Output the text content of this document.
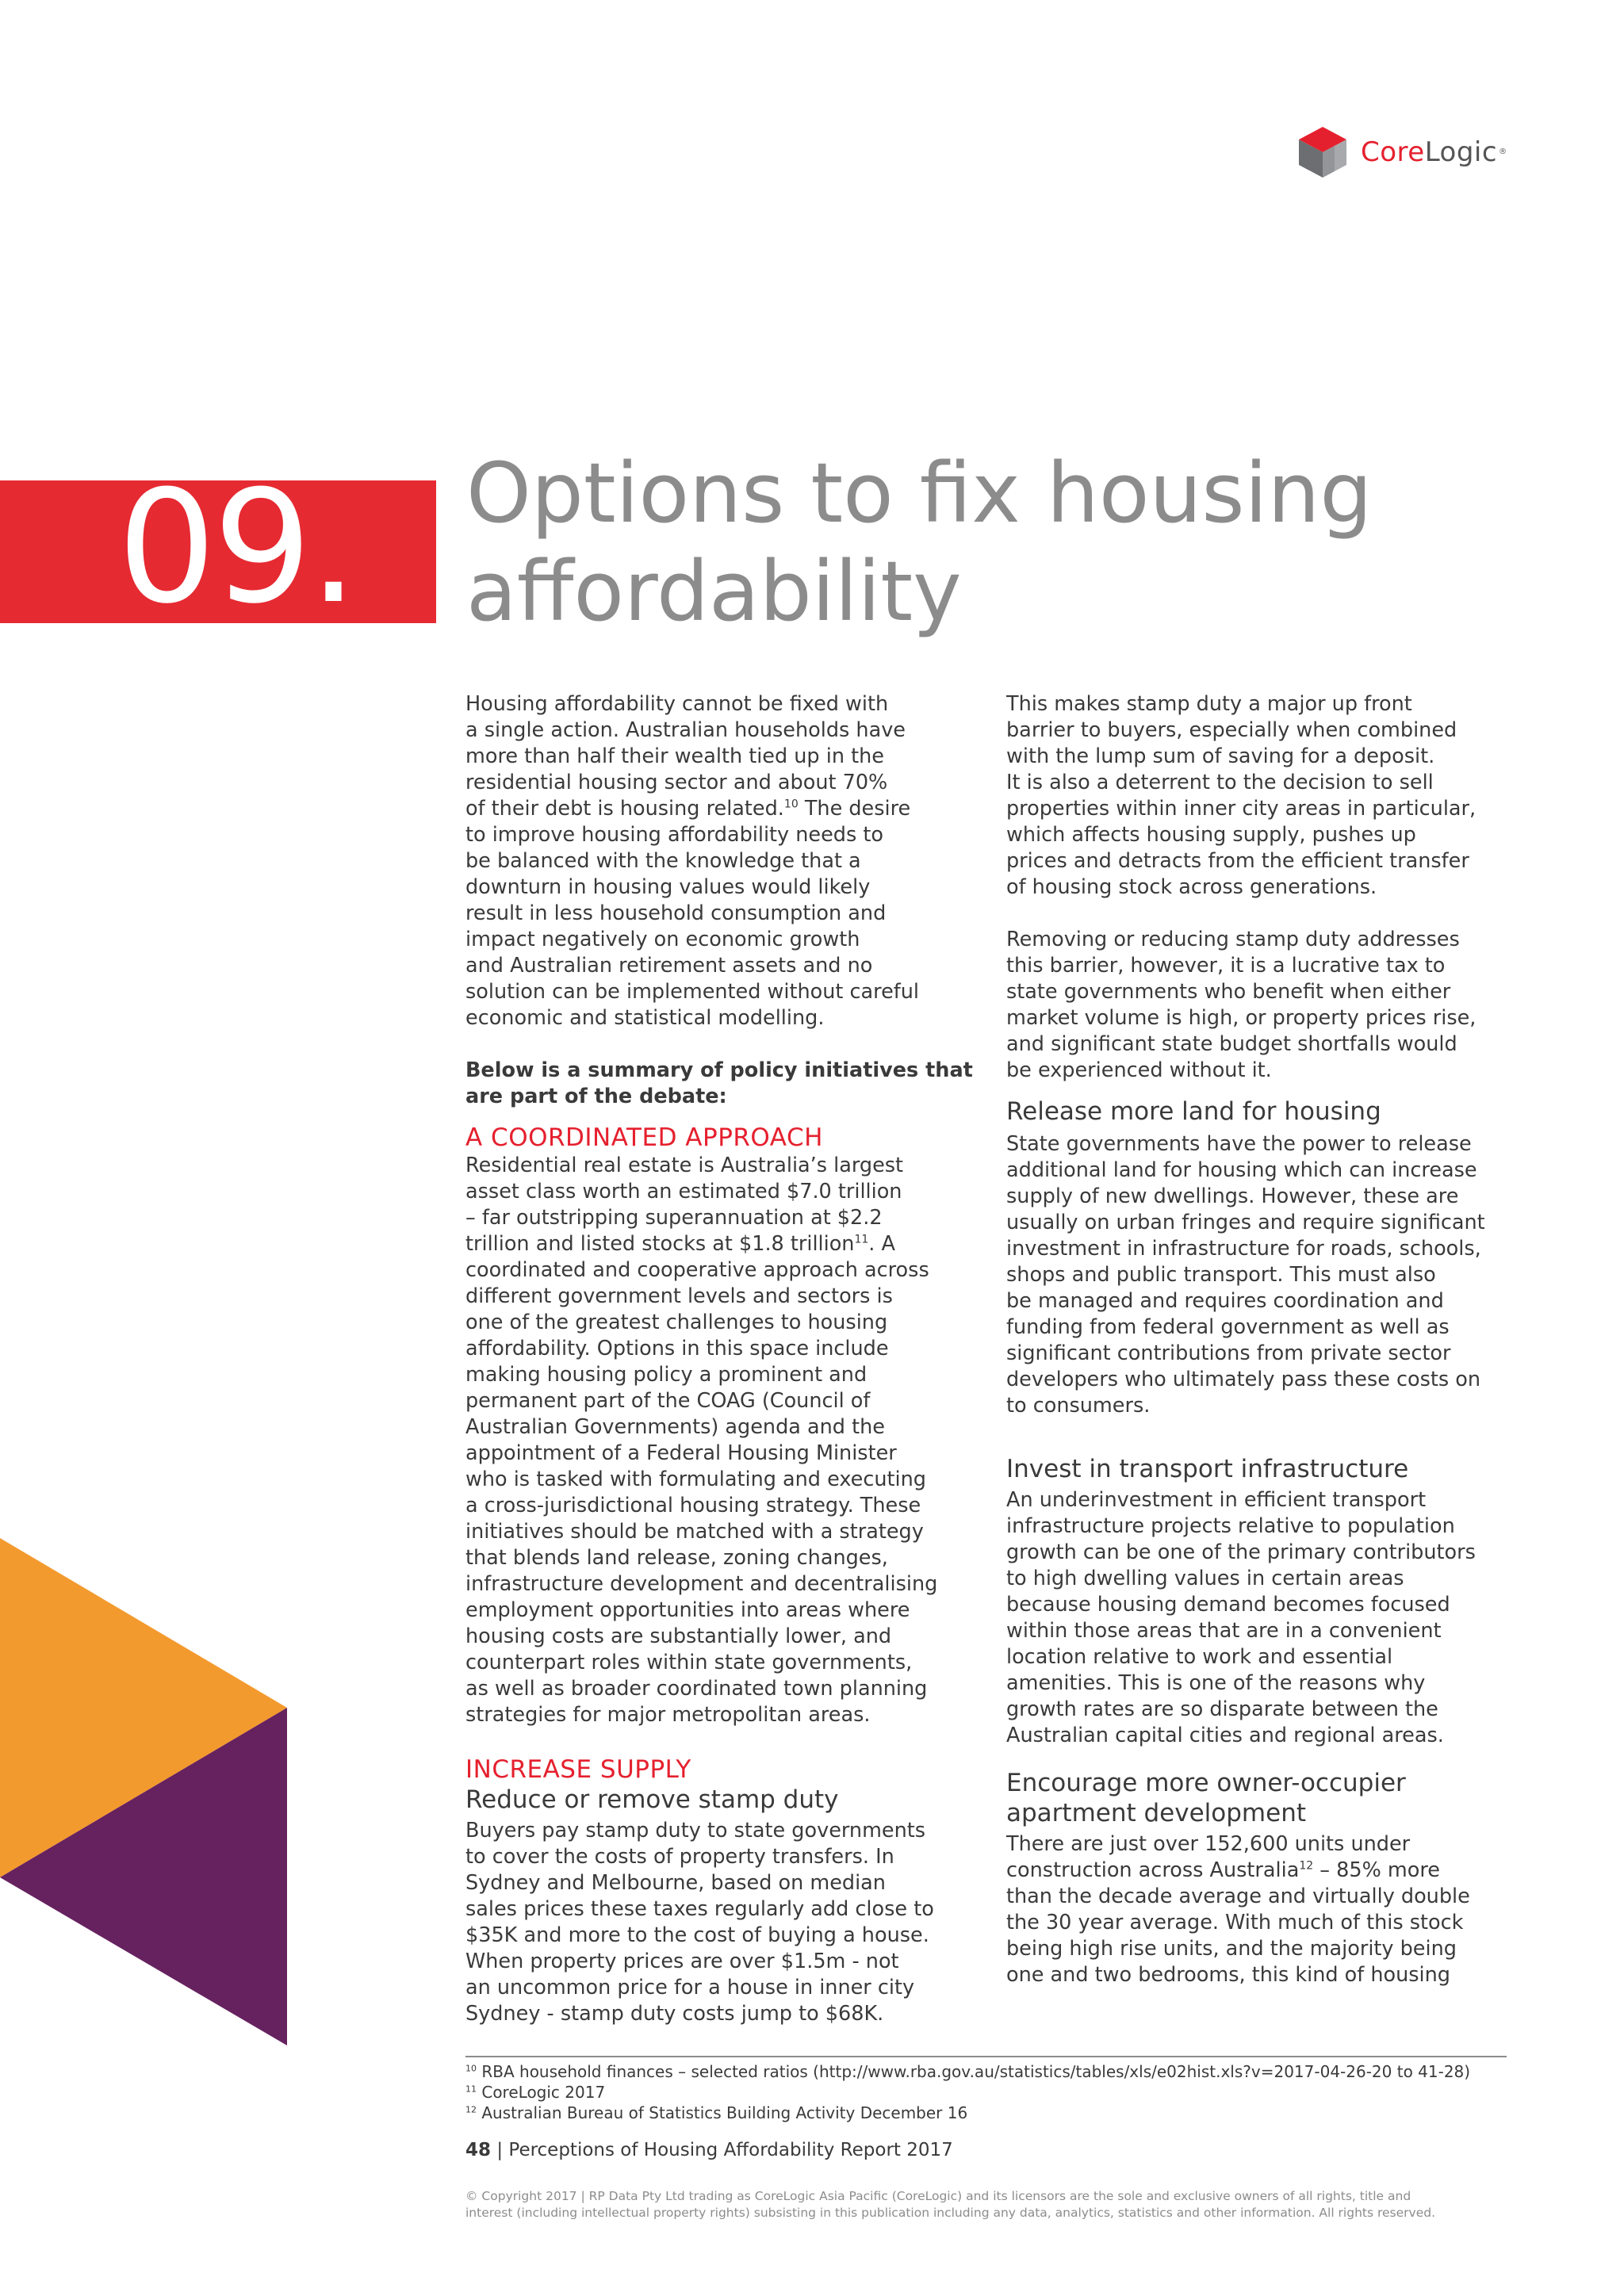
CoreLogic ®
09. Options to fix housing
affordability

Housing affordability cannot be fixed with

a single action. Australian households have

more than half their wealth tied up in the

residential housing sector and about 70%

of their debt is housing related.$^{10}$ The desire

to improve housing affordability needs to

be balanced with the knowledge that a

downturn in housing values would likely

result in less household consumption and

impact negatively on economic growth

and Australian retirement assets and no

solution can be implemented without careful

economic and statistical modelling.

Below is a summary of policy initiatives that

are part of the debate:

A COORDINATED APPROACH

Residential real estate is Australia’s largest

asset class worth an estimated $7.0 trillion

– far outstripping superannuation at $2.2

trillion and listed stocks at $1.8 trillion$^{11}$. A

coordinated and cooperative approach across

different government levels and sectors is

one of the greatest challenges to housing

affordability. Options in this space include

making housing policy a prominent and

permanent part of the COAG (Council of

Australian Governments) agenda and the

appointment of a Federal Housing Minister

who is tasked with formulating and executing

a cross-jurisdictional housing strategy. These

initiatives should be matched with a strategy

that blends land release, zoning changes,

infrastructure development and decentralising

employment opportunities into areas where

housing costs are substantially lower, and

counterpart roles within state governments,

as well as broader coordinated town planning

strategies for major metropolitan areas.

INCREASE SUPPLY
Reduce or remove stamp duty

Buyers pay stamp duty to state governments

to cover the costs of property transfers. In

Sydney and Melbourne, based on median

sales prices these taxes regularly add close to

$35K and more to the cost of buying a house.

When property prices are over $1.5m - not

an uncommon price for a house in inner city

Sydney - stamp duty costs jump to $68K.

This makes stamp duty a major up front

barrier to buyers, especially when combined

with the lump sum of saving for a deposit.

It is also a deterrent to the decision to sell

properties within inner city areas in particular,

which affects housing supply, pushes up

prices and detracts from the efficient transfer

of housing stock across generations.

Removing or reducing stamp duty addresses

this barrier, however, it is a lucrative tax to

state governments who benefit when either

market volume is high, or property prices rise,

and significant state budget shortfalls would

be experienced without it.

Release more land for housing

State governments have the power to release

additional land for housing which can increase

supply of new dwellings. However, these are

usually on urban fringes and require significant

investment in infrastructure for roads, schools,

shops and public transport. This must also

be managed and requires coordination and

funding from federal government as well as

significant contributions from private sector

developers who ultimately pass these costs on

to consumers.

Invest in transport infrastructure

An underinvestment in efficient transport

infrastructure projects relative to population

growth can be one of the primary contributors

to high dwelling values in certain areas

because housing demand becomes focused

within those areas that are in a convenient

location relative to work and essential

amenities. This is one of the reasons why

growth rates are so disparate between the

Australian capital cities and regional areas.

Encourage more owner-occupier
apartment development

There are just over 152,600 units under

construction across Australia$^{12}$ – 85% more

than the decade average and virtually double

the 30 year average. With much of this stock

being high rise units, and the majority being

one and two bedrooms, this kind of housing

$^{10}$ RBA household finances – selected ratios (http://www.rba.gov.au/statistics/tables/xls/e02hist.xls?v=2017-04-26-20 to 41-28)

$^{11}$ CoreLogic 2017

$^{12}$ Australian Bureau of Statistics Building Activity December 16

48 | Perceptions of Housing Affordability Report 2017

© Copyright 2017 | RP Data Pty Ltd trading as CoreLogic Asia Pacific (CoreLogic) and its licensors are the sole and exclusive owners of all rights, title and
interest (including intellectual property rights) subsisting in this publication including any data, analytics, statistics and other information. All rights reserved.
